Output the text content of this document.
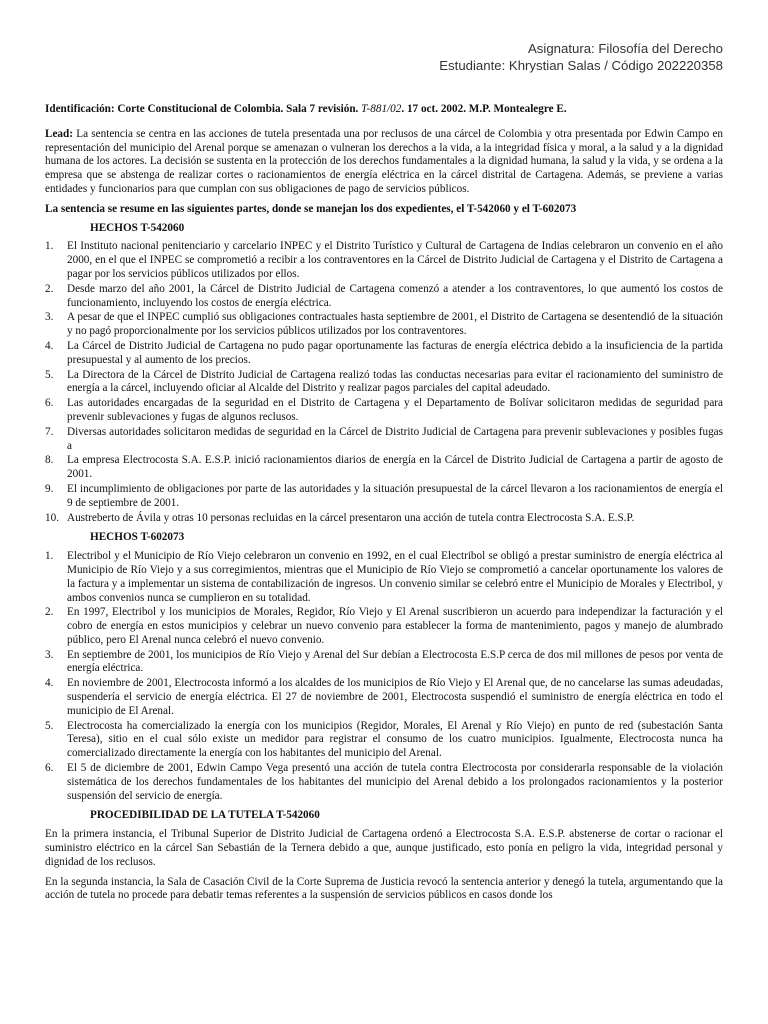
Asignatura: Filosofía del Derecho
Estudiante: Khrystian Salas / Código 202220358

Identificación: Corte Constitucional de Colombia. Sala 7 revisión. T-881/02. 17 oct. 2002. M.P. Montealegre E.

Lead: La sentencia se centra en las acciones de tutela presentada una por reclusos de una cárcel de Colombia y otra presentada por Edwin Campo en representación del municipio del Arenal porque se amenazan o vulneran los derechos a la vida, a la integridad física y moral, a la salud y a la dignidad humana de los actores. La decisión se sustenta en la protección de los derechos fundamentales a la dignidad humana, la salud y la vida, y se ordena a la empresa que se abstenga de realizar cortes o racionamientos de energía eléctrica en la cárcel distrital de Cartagena. Además, se previene a varias entidades y funcionarios para que cumplan con sus obligaciones de pago de servicios públicos.

La sentencia se resume en las siguientes partes, donde se manejan los dos expedientes, el T-542060 y el T-602073

HECHOS T-542060

1.	El Instituto nacional penitenciario y carcelario INPEC y el Distrito Turístico y Cultural de Cartagena de Indias celebraron un convenio en el año 2000, en el que el INPEC se comprometió a recibir a los contraventores en la Cárcel de Distrito Judicial de Cartagena y el Distrito de Cartagena a pagar por los servicios públicos utilizados por ellos.
2.	Desde marzo del año 2001, la Cárcel de Distrito Judicial de Cartagena comenzó a atender a los contraventores, lo que aumentó los costos de funcionamiento, incluyendo los costos de energía eléctrica.
3.	A pesar de que el INPEC cumplió sus obligaciones contractuales hasta septiembre de 2001, el Distrito de Cartagena se desentendió de la situación y no pagó proporcionalmente por los servicios públicos utilizados por los contraventores.
4.	La Cárcel de Distrito Judicial de Cartagena no pudo pagar oportunamente las facturas de energía eléctrica debido a la insuficiencia de la partida presupuestal y al aumento de los precios.
5.	La Directora de la Cárcel de Distrito Judicial de Cartagena realizó todas las conductas necesarias para evitar el racionamiento del suministro de energía a la cárcel, incluyendo oficiar al Alcalde del Distrito y realizar pagos parciales del capital adeudado.
6.	Las autoridades encargadas de la seguridad en el Distrito de Cartagena y el Departamento de Bolívar solicitaron medidas de seguridad para prevenir sublevaciones y fugas de algunos reclusos.
7.	Diversas autoridades solicitaron medidas de seguridad en la Cárcel de Distrito Judicial de Cartagena para prevenir sublevaciones y posibles fugas a
8.	La empresa Electrocosta S.A. E.S.P. inició racionamientos diarios de energía en la Cárcel de Distrito Judicial de Cartagena a partir de agosto de 2001.
9.	El incumplimiento de obligaciones por parte de las autoridades y la situación presupuestal de la cárcel llevaron a los racionamientos de energía el 9 de septiembre de 2001.
10. Austreberto de Ávila y otras 10 personas recluidas en la cárcel presentaron una acción de tutela contra Electrocosta S.A. E.S.P.

HECHOS T-602073

1.	Electribol y el Municipio de Río Viejo celebraron un convenio en 1992, en el cual Electribol se obligó a prestar suministro de energía eléctrica al Municipio de Río Viejo y a sus corregimientos, mientras que el Municipio de Río Viejo se comprometió a cancelar oportunamente los valores de la factura y a implementar un sistema de contabilización de ingresos. Un convenio similar se celebró entre el Municipio de Morales y Electribol, y ambos convenios nunca se cumplieron en su totalidad.
2.	En 1997, Electribol y los municipios de Morales, Regidor, Río Viejo y El Arenal suscribieron un acuerdo para independizar la facturación y el cobro de energía en estos municipios y celebrar un nuevo convenio para establecer la forma de mantenimiento, pagos y manejo de alumbrado público, pero El Arenal nunca celebró el nuevo convenio.
3.	En septiembre de 2001, los municipios de Río Viejo y Arenal del Sur debían a Electrocosta E.S.P cerca de dos mil millones de pesos por venta de energía eléctrica.
4.	En noviembre de 2001, Electrocosta informó a los alcaldes de los municipios de Río Viejo y El Arenal que, de no cancelarse las sumas adeudadas, suspendería el servicio de energía eléctrica. El 27 de noviembre de 2001, Electrocosta suspendió el suministro de energía eléctrica en todo el municipio de El Arenal.
5.	Electrocosta ha comercializado la energía con los municipios (Regidor, Morales, El Arenal y Río Viejo) en punto de red (subestación Santa Teresa), sitio en el cual sólo existe un medidor para registrar el consumo de los cuatro municipios. Igualmente, Electrocosta nunca ha comercializado directamente la energía con los habitantes del municipio del Arenal.
6.	El 5 de diciembre de 2001, Edwin Campo Vega presentó una acción de tutela contra Electrocosta por considerarla responsable de la violación sistemática de los derechos fundamentales de los habitantes del municipio del Arenal debido a los prolongados racionamientos y la posterior suspensión del servicio de energía.

PROCEDIBILIDAD DE LA TUTELA T-542060

En la primera instancia, el Tribunal Superior de Distrito Judicial de Cartagena ordenó a Electrocosta S.A. E.S.P. abstenerse de cortar o racionar el suministro eléctrico en la cárcel San Sebastián de la Ternera debido a que, aunque justificado, esto ponía en peligro la vida, integridad personal y dignidad de los reclusos.

En la segunda instancia, la Sala de Casación Civil de la Corte Suprema de Justicia revocó la sentencia anterior y denegó la tutela, argumentando que la acción de tutela no procede para debatir temas referentes a la suspensión de servicios públicos en casos donde los
